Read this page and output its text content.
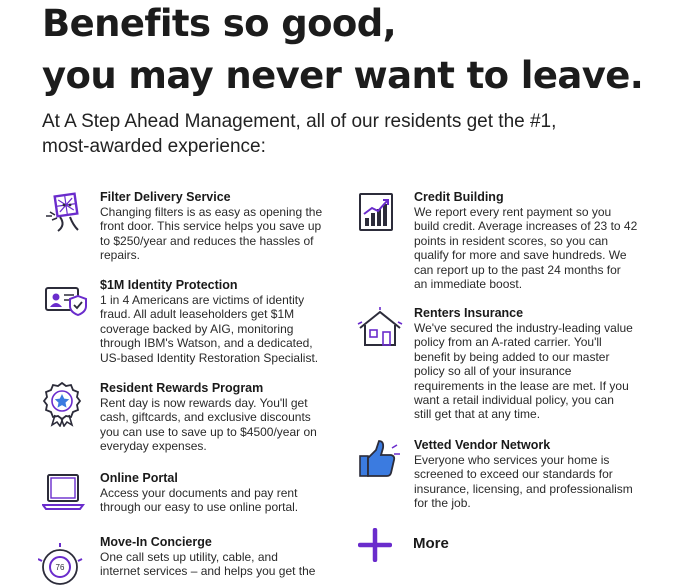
Benefits so good,
you may never want to leave.
At A Step Ahead Management, all of our residents get the #1,
most-awarded experience:
Filter Delivery Service
Changing filters is as easy as opening the
front door. This service helps you save up
to $250/year and reduces the hassles of
repairs.
$1M Identity Protection
1 in 4 Americans are victims of identity
fraud. All adult leaseholders get $1M
coverage backed by AIG, monitoring
through IBM's Watson, and a dedicated,
US-based Identity Restoration Specialist.
Resident Rewards Program
Rent day is now rewards day. You'll get
cash, giftcards, and exclusive discounts
you can use to save up to $4500/year on
everyday expenses.
Online Portal
Access your documents and pay rent
through our easy to use online portal.
76
Move-In Concierge
One call sets up utility, cable, and
internet services – and helps you get the
Credit Building
We report every rent payment so you
build credit. Average increases of 23 to 42
points in resident scores, so you can
qualify for more and save hundreds. We
can report up to the past 24 months for
an immediate boost.
Renters Insurance
We've secured the industry-leading value
policy from an A-rated carrier. You'll
benefit by being added to our master
policy so all of your insurance
requirements in the lease are met. If you
want a retail individual policy, you can
still get that at any time.
Vetted Vendor Network
Everyone who services your home is
screened to exceed our standards for
insurance, licensing, and professionalism
for the job.
More
